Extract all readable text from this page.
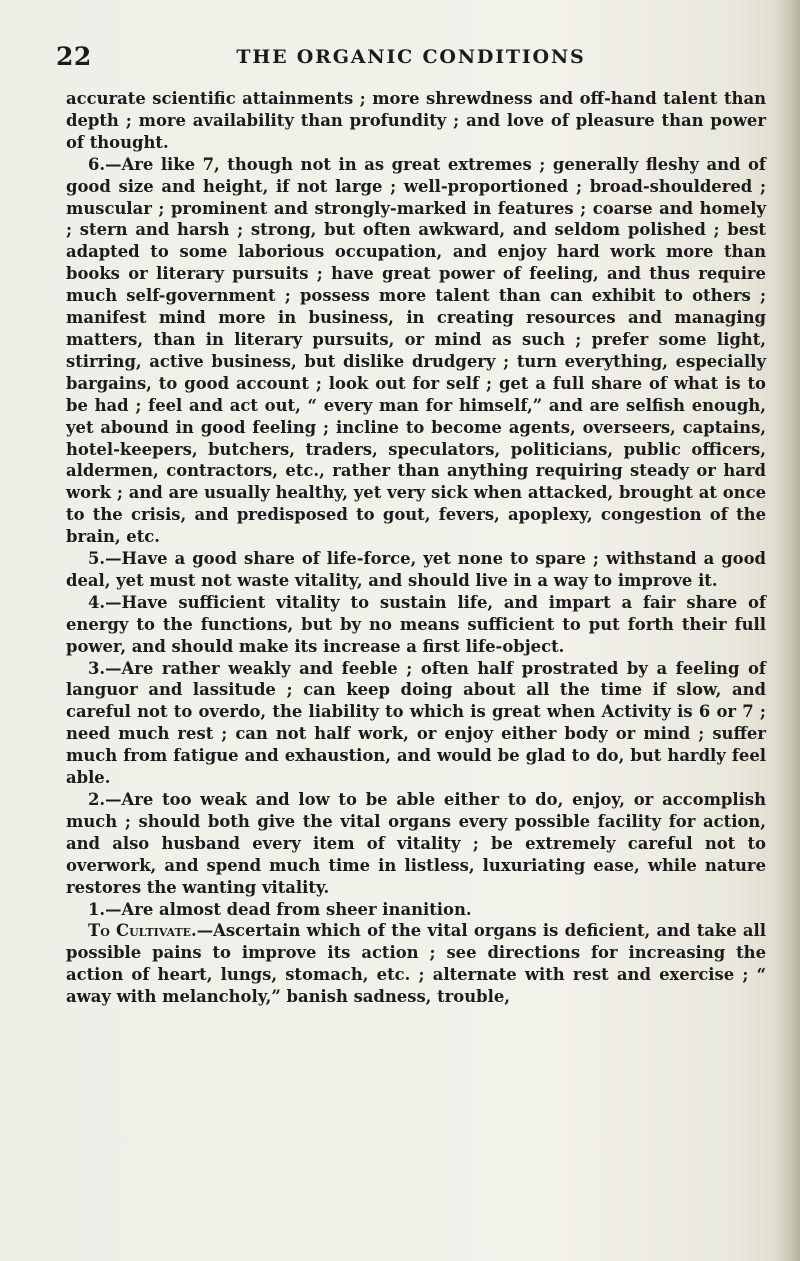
22	THE ORGANIC CONDITIONS

accurate scientific attainments ; more shrewdness and off-hand talent than depth ; more availability than profundity ; and love of pleasure than power of thought.

6.—Are like 7, though not in as great extremes ; generally fleshy and of good size and height, if not large ; well-proportioned ; broad-shouldered ; muscular ; prominent and strongly-marked in features ; coarse and homely ; stern and harsh ; strong, but often awkward, and seldom polished ; best adapted to some laborious occupation, and enjoy hard work more than books or literary pursuits ; have great power of feeling, and thus require much self-government ; possess more talent than can exhibit to others ; manifest mind more in business, in creating resources and managing matters, than in literary pursuits, or mind as such ; prefer some light, stirring, active business, but dislike drudgery ; turn everything, especially bargains, to good account ; look out for self ; get a full share of what is to be had ; feel and act out, “ every man for himself,” and are selfish enough, yet abound in good feeling ; incline to become agents, overseers, captains, hotel-keepers, butchers, traders, speculators, politicians, public officers, aldermen, contractors, etc., rather than anything requiring steady or hard work ; and are usually healthy, yet very sick when attacked, brought at once to the crisis, and predisposed to gout, fevers, apoplexy, congestion of the brain, etc.

5.—Have a good share of life-force, yet none to spare ; withstand a good deal, yet must not waste vitality, and should live in a way to improve it.

4.—Have sufficient vitality to sustain life, and impart a fair share of energy to the functions, but by no means sufficient to put forth their full power, and should make its increase a first life-object.

3.—Are rather weakly and feeble ; often half prostrated by a feeling of languor and lassitude ; can keep doing about all the time if slow, and careful not to overdo, the liability to which is great when Activity is 6 or 7 ; need much rest ; can not half work, or enjoy either body or mind ; suffer much from fatigue and exhaustion, and would be glad to do, but hardly feel able.

2.—Are too weak and low to be able either to do, enjoy, or accomplish much ; should both give the vital organs every possible facility for action, and also husband every item of vitality ; be extremely careful not to overwork, and spend much time in listless, luxuriating ease, while nature restores the wanting vitality.

1.—Are almost dead from sheer inanition.

To Cultivate.—Ascertain which of the vital organs is deficient, and take all possible pains to improve its action ; see directions for increasing the action of heart, lungs, stomach, etc. ; alternate with rest and exercise ; “ away with melancholy,” banish sadness, trouble,
